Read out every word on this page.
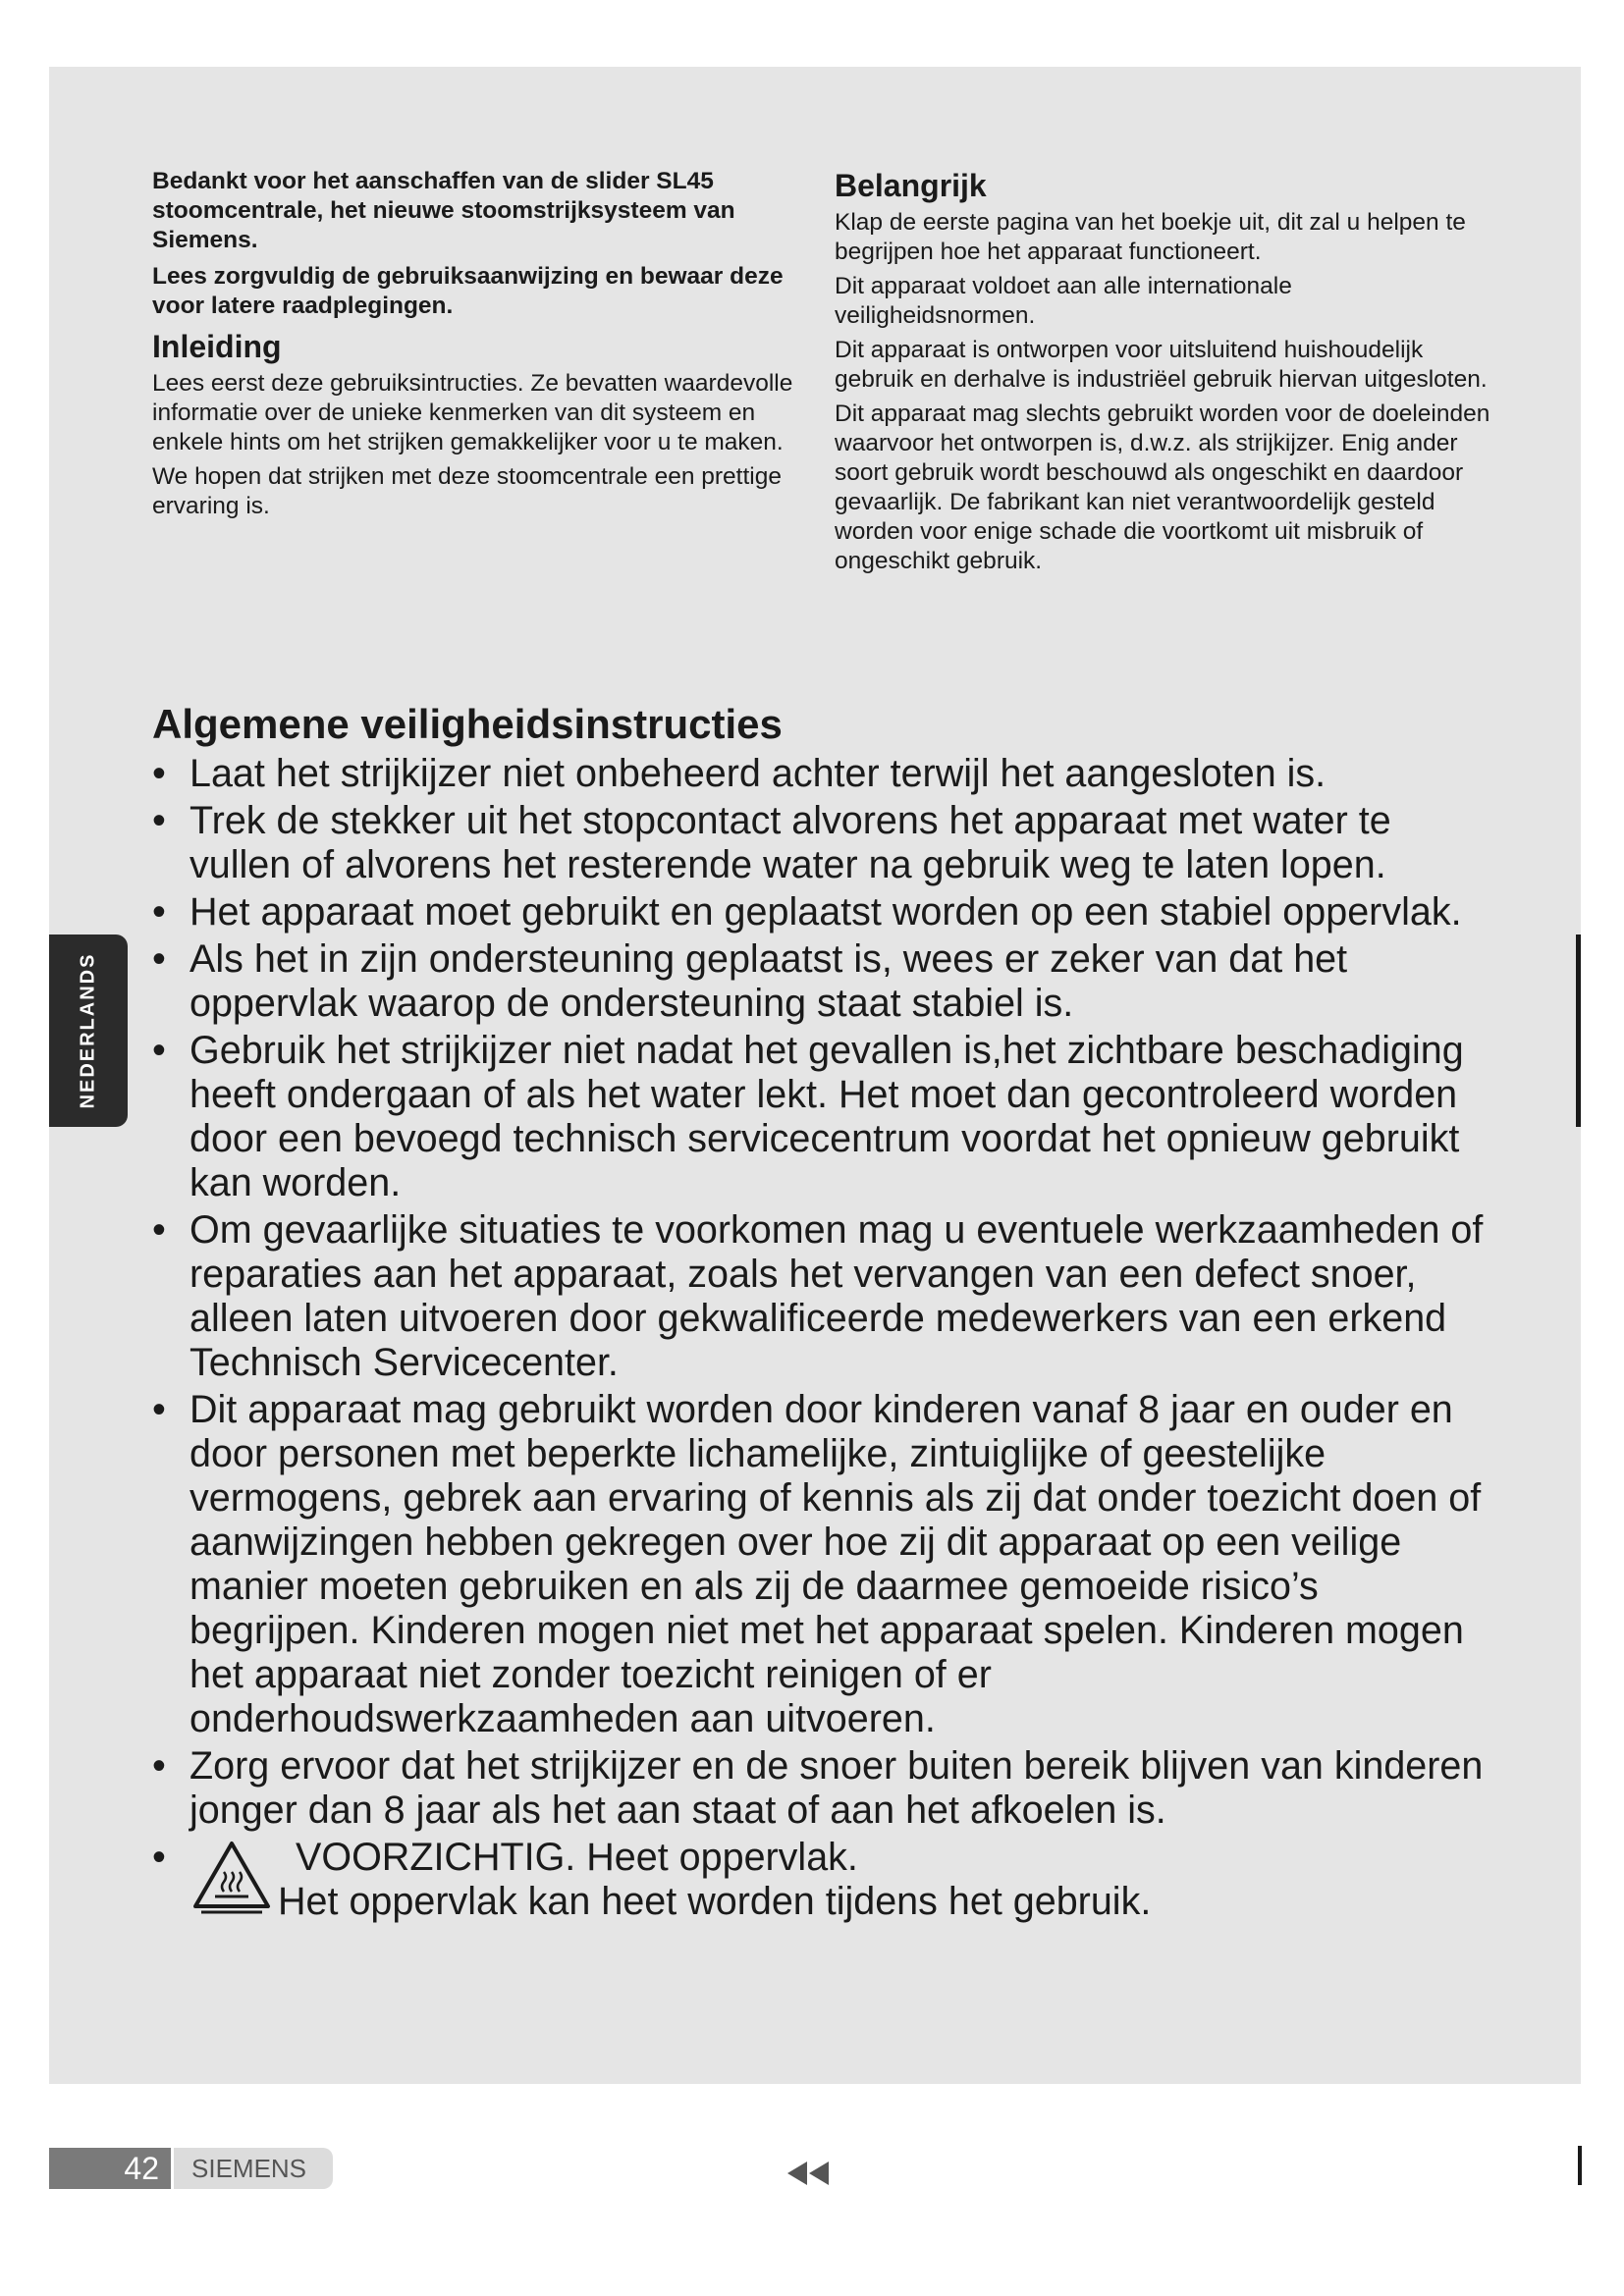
Bedankt voor het aanschaffen van de slider SL45 stoomcentrale, het nieuwe stoomstrijksysteem van Siemens.

Lees zorgvuldig de gebruiksaanwijzing en bewaar deze voor latere raadplegingen.

Inleiding

Lees eerst deze gebruiksintructies. Ze bevatten waardevolle informatie over de unieke kenmerken van dit systeem en enkele hints om het strijken gemakkelijker voor u te maken.

We hopen dat strijken met deze stoomcentrale een prettige ervaring is.

Belangrijk

Klap de eerste pagina van het boekje uit, dit zal u helpen te begrijpen hoe het apparaat functioneert.

Dit apparaat voldoet aan alle internationale veiligheidsnormen.

Dit apparaat is ontworpen voor uitsluitend huishoudelijk gebruik en derhalve is industriëel gebruik hiervan uitgesloten.

Dit apparaat mag slechts gebruikt worden voor de doeleinden waarvoor het ontworpen is, d.w.z. als strijkijzer. Enig ander soort gebruik wordt beschouwd als ongeschikt en daardoor gevaarlijk. De fabrikant kan niet verantwoordelijk gesteld worden voor enige schade die voortkomt uit misbruik of ongeschikt gebruik.

Algemene veiligheidsinstructies
• Laat het strijkijzer niet onbeheerd achter terwijl het aangesloten is.
• Trek de stekker uit het stopcontact alvorens het apparaat met water te vullen of alvorens het resterende water na gebruik weg te laten lopen.
• Het apparaat moet gebruikt en geplaatst worden op een stabiel oppervlak.
• Als het in zijn ondersteuning geplaatst is, wees er zeker van dat het oppervlak waarop de ondersteuning staat stabiel is.
• Gebruik het strijkijzer niet nadat het gevallen is,het zichtbare beschadiging heeft ondergaan of als het water lekt. Het moet dan gecontroleerd worden door een bevoegd technisch servicecentrum voordat het opnieuw gebruikt kan worden.
• Om gevaarlijke situaties te voorkomen mag u eventuele werkzaamheden of reparaties aan het apparaat, zoals het vervangen van een defect snoer, alleen laten uitvoeren door gekwalificeerde medewerkers van een erkend Technisch Servicecenter.
• Dit apparaat mag gebruikt worden door kinderen vanaf 8 jaar en ouder en door personen met beperkte lichamelijke, zintuiglijke of geestelijke vermogens, gebrek aan ervaring of kennis als zij dat onder toezicht doen of aanwijzingen hebben gekregen over hoe zij dit apparaat op een veilige manier moeten gebruiken en als zij de daarmee gemoeide risico’s begrijpen. Kinderen mogen niet met het apparaat spelen. Kinderen mogen het apparaat niet zonder toezicht reinigen of er onderhoudswerkzaamheden aan uitvoeren.
• Zorg ervoor dat het strijkijzer en de snoer buiten bereik blijven van kinderen jonger dan 8 jaar als het aan staat of aan het afkoelen is.
•	VOORZICHTIG. Heet oppervlak.
Het oppervlak kan heet worden tijdens het gebruik.
NEDERLANDS
42	SIEMENS
